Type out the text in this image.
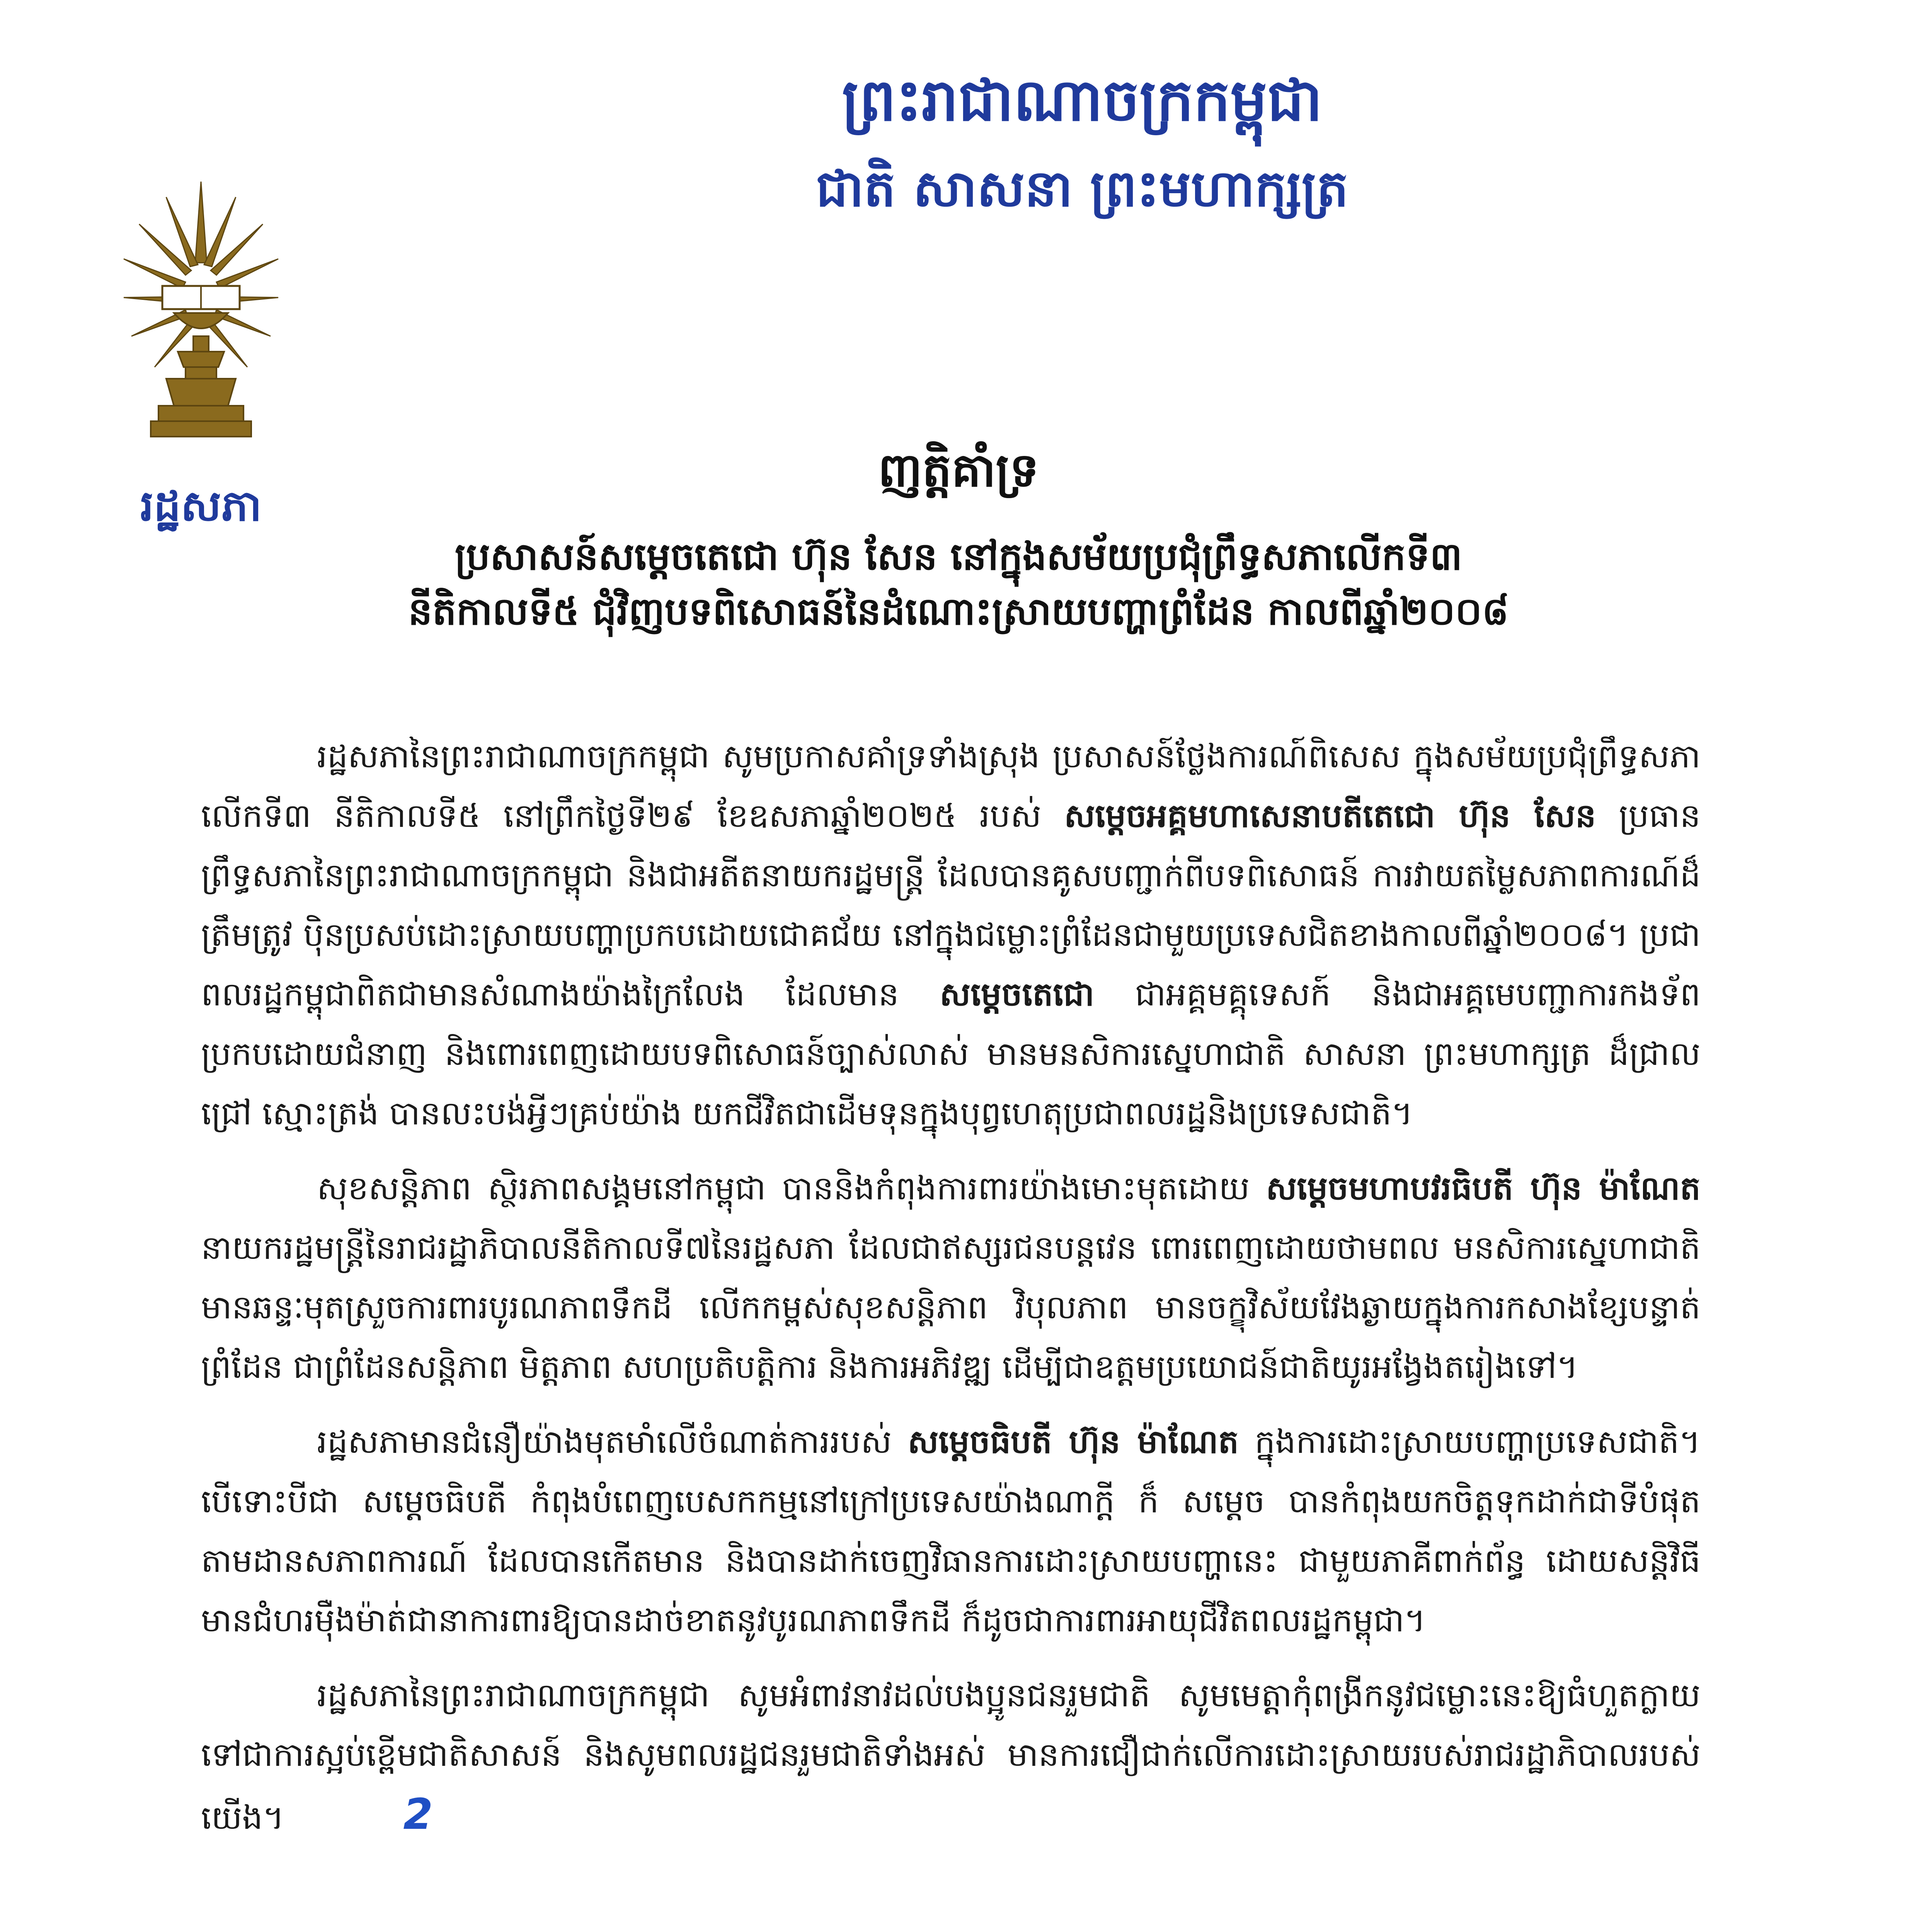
ព្រះរាជាណាចក្រកម្ពុជា
ជាតិ សាសនា ព្រះមហាក្សត្រ
រដ្ឋសភា
ញត្តិគាំទ្រ
ប្រសាសន៍សម្តេចតេជោ ហ៊ុន សែន នៅក្នុងសម័យប្រជុំព្រឹទ្ធសភាលើកទី៣
នីតិកាលទី៥ ជុំវិញបទពិសោធន៍នៃដំណោះស្រាយបញ្ហាព្រំដែន កាលពីឆ្នាំ២០០៨

រដ្ឋសភានៃព្រះរាជាណាចក្រកម្ពុជា សូមប្រកាសគាំទ្រទាំងស្រុង ប្រសាសន៍ថ្លែងការណ៍ពិសេស ក្នុងសម័យប្រជុំព្រឹទ្ធសភាលើកទី៣ នីតិកាលទី៥ នៅព្រឹកថ្ងៃទី២៩ ខែឧសភាឆ្នាំ២០២៥ របស់ សម្តេចអគ្គមហាសេនាបតីតេជោ ហ៊ុន សែន ប្រធានព្រឹទ្ធសភានៃព្រះរាជាណាចក្រកម្ពុជា និងជាអតីតនាយករដ្ឋមន្ត្រី ដែលបានគូសបញ្ជាក់ពីបទពិសោធន៍ ការវាយតម្លៃសភាពការណ៍ដ៏ត្រឹមត្រូវ ប៉ិនប្រសប់ដោះស្រាយបញ្ហាប្រកបដោយជោគជ័យ នៅក្នុងជម្លោះព្រំដែនជាមួយប្រទេសជិតខាងកាលពីឆ្នាំ២០០៨។ ប្រជាពលរដ្ឋកម្ពុជាពិតជាមានសំណាងយ៉ាងក្រៃលែង ដែលមាន សម្តេចតេជោ ជាអគ្គមគ្គុទេសក៍ និងជាអគ្គមេបញ្ជាការកងទ័ពប្រកបដោយជំនាញ និងពោរពេញដោយបទពិសោធន៍ច្បាស់លាស់ មានមនសិការស្នេហាជាតិ សាសនា ព្រះមហាក្សត្រ ដ៏ជ្រាលជ្រៅ ស្មោះត្រង់ បានលះបង់អ្វីៗគ្រប់យ៉ាង យកជីវិតជាដើមទុនក្នុងបុព្វហេតុប្រជាពលរដ្ឋនិងប្រទេសជាតិ។

សុខសន្តិភាព ស្ថិរភាពសង្គមនៅកម្ពុជា បាននិងកំពុងការពារយ៉ាងមោះមុតដោយ សម្តេចមហាបវរធិបតី ហ៊ុន ម៉ាណែត នាយករដ្ឋមន្ត្រីនៃរាជរដ្ឋាភិបាលនីតិកាលទី៧នៃរដ្ឋសភា ដែលជាឥស្សរជនបន្តវេន ពោរពេញដោយថាមពល មនសិការស្នេហាជាតិ មានឆន្ទៈមុតស្រួចការពារបូរណភាពទឹកដី លើកកម្ពស់សុខសន្តិភាព វិបុលភាព មានចក្ខុវិស័យវែងឆ្ងាយក្នុងការកសាងខ្សែបន្ទាត់ព្រំដែន ជាព្រំដែនសន្តិភាព មិត្តភាព សហប្រតិបត្តិការ និងការអភិវឌ្ឍ ដើម្បីជាឧត្តមប្រយោជន៍ជាតិយូរអង្វែងតរៀងទៅ។

រដ្ឋសភាមានជំនឿយ៉ាងមុតមាំលើចំណាត់ការរបស់ សម្តេចធិបតី ហ៊ុន ម៉ាណែត ក្នុងការដោះស្រាយបញ្ហាប្រទេសជាតិ។ បើទោះបីជា សម្តេចធិបតី កំពុងបំពេញបេសកកម្មនៅក្រៅប្រទេសយ៉ាងណាក្តី ក៏ សម្តេច បានកំពុងយកចិត្តទុកដាក់ជាទីបំផុត តាមដានសភាពការណ៍ ដែលបានកើតមាន និងបានដាក់ចេញវិធានការដោះស្រាយបញ្ហានេះ ជាមួយភាគីពាក់ព័ន្ធ ដោយសន្តិវិធី មានជំហរម៉ឺងម៉ាត់ជានាការពារឱ្យបានដាច់ខាតនូវបូរណភាពទឹកដី ក៏ដូចជាការពារអាយុជីវិតពលរដ្ឋកម្ពុជា។

រដ្ឋសភានៃព្រះរាជាណាចក្រកម្ពុជា សូមអំពាវនាវដល់បងប្អូនជនរួមជាតិ សូមមេត្តាកុំពង្រីកនូវជម្លោះនេះឱ្យធំហួតក្លាយទៅជាការស្អប់ខ្ពើមជាតិសាសន៍ និងសូមពលរដ្ឋជនរួមជាតិទាំងអស់ មានការជឿជាក់លើការដោះស្រាយរបស់រាជរដ្ឋាភិបាលរបស់យើង។	2
